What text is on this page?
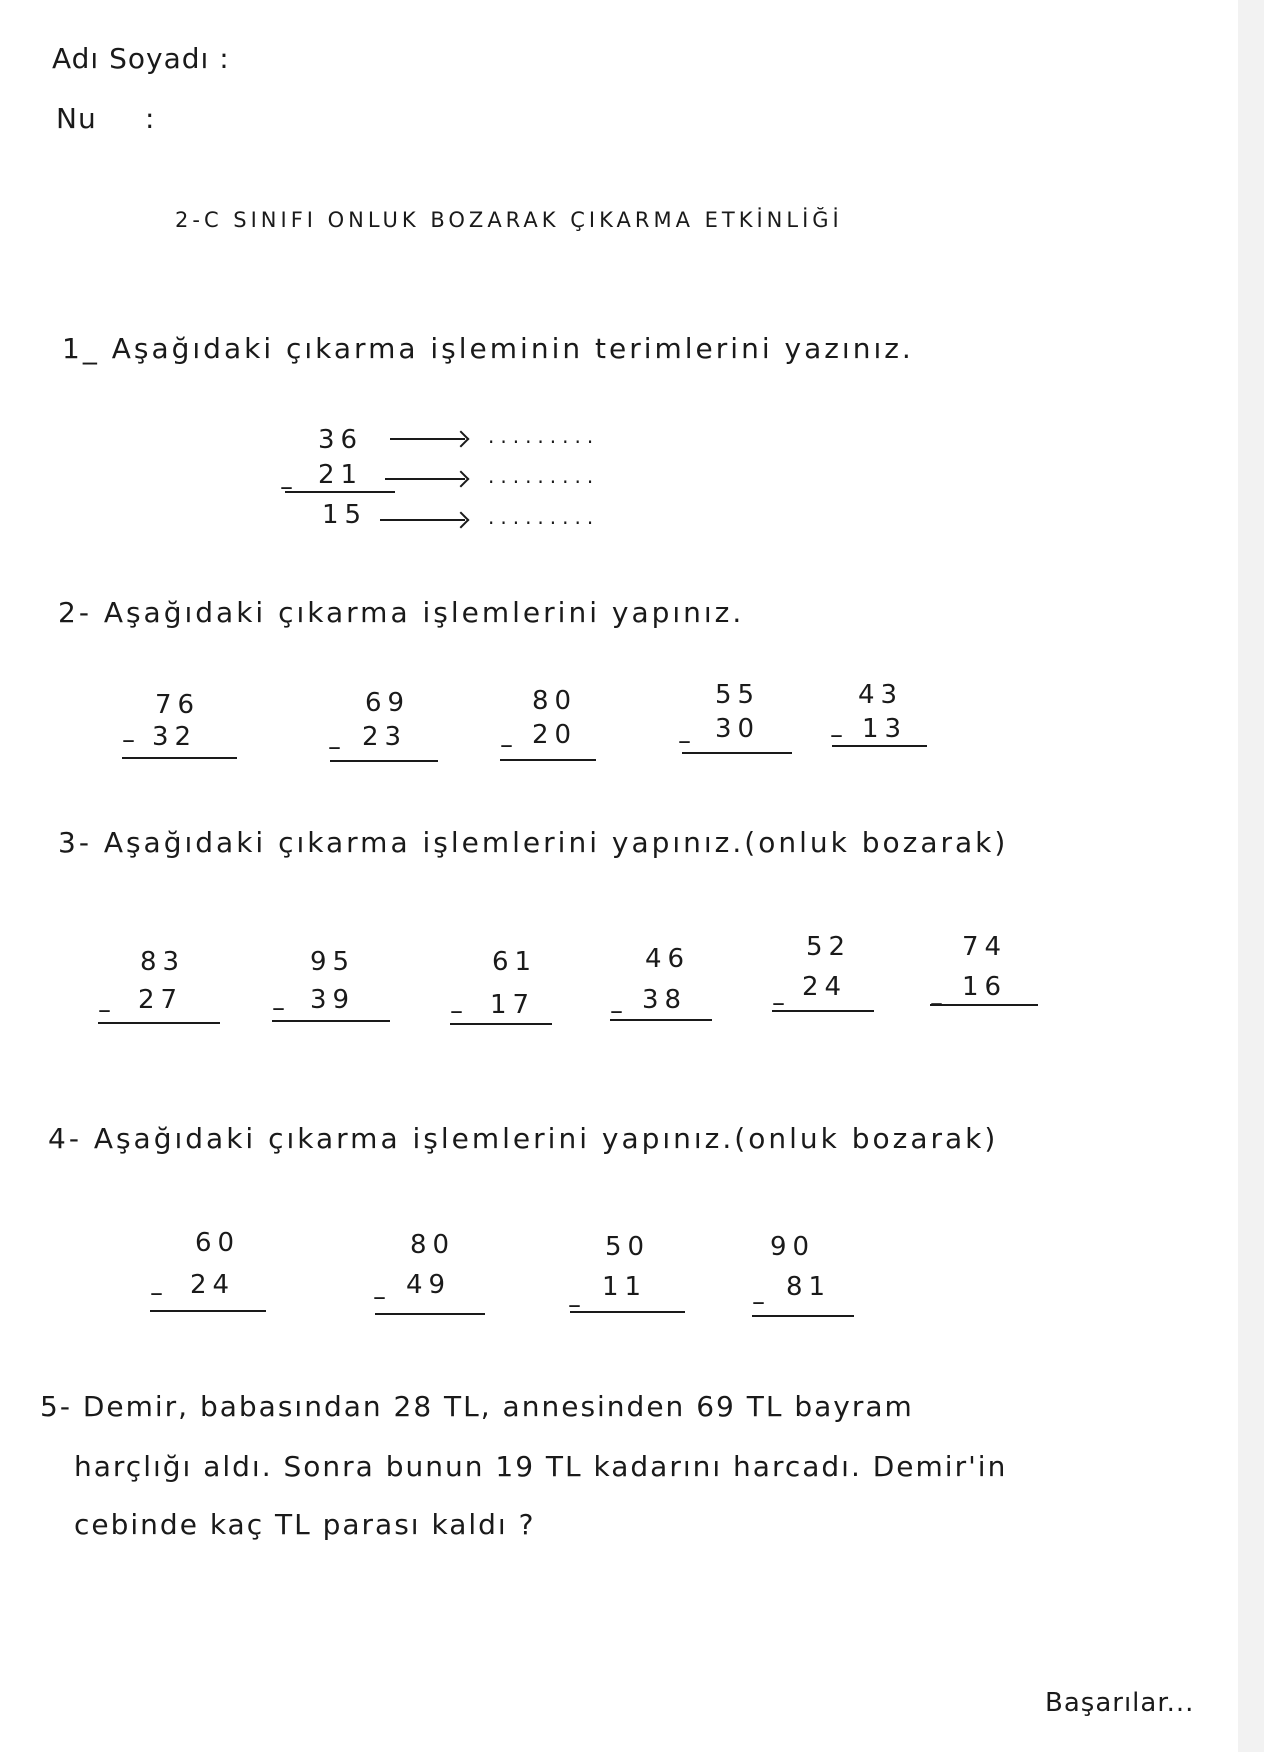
Adı Soyadı :
Nu :
2-C SINIFI ONLUK BOZARAK ÇIKARMA ETKİNLİĞİ
1_ Aşağıdaki çıkarma işleminin terimlerini yazınız.
36
21
–
15
.........
.........
.........
2- Aşağıdaki çıkarma işlemlerini yapınız.
76
– 32
69
– 23
80
– 20
55
– 30
43
– 13
3- Aşağıdaki çıkarma işlemlerini yapınız.(onluk bozarak)
83
– 27
95
– 39
61
– 17
46
– 38
52
–
24
74
–
16
4- Aşağıdaki çıkarma işlemlerini yapınız.(onluk bozarak)
60
– 24
80
– 49
50
–
11
90
– 81
5- Demir, babasından 28 TL, annesinden 69 TL bayram
harçlığı aldı. Sonra bunun 19 TL kadarını harcadı. Demir'in
cebinde kaç TL parası kaldı ?
Başarılar...
